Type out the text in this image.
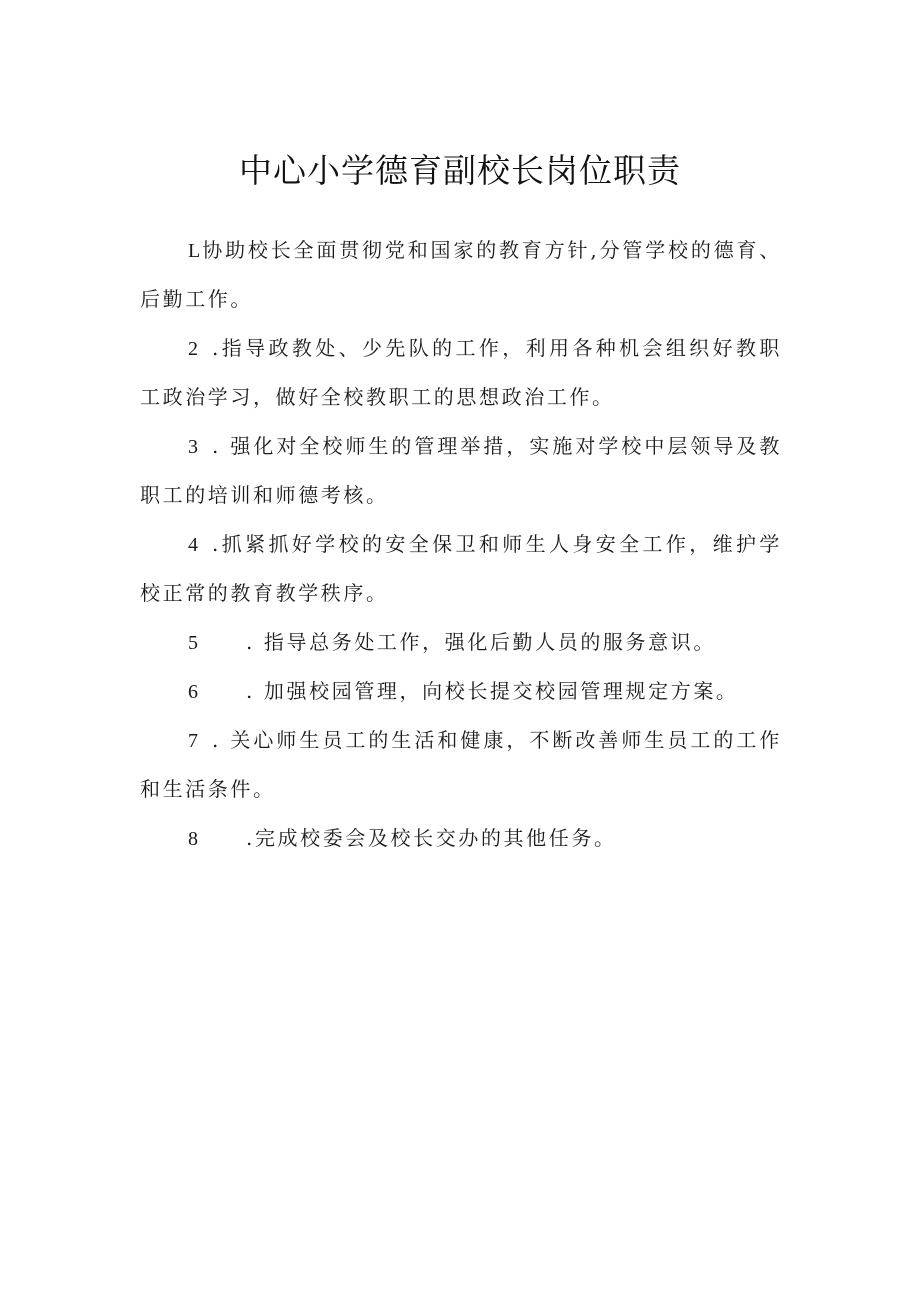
中心小学德育副校长岗位职责
L协助校长全面贯彻党和国家的教育方针,分管学校的德育、
后勤工作。
2 .指导政教处、少先队的工作，利用各种机会组织好教职
工政治学习，做好全校教职工的思想政治工作。
3 . 强化对全校师生的管理举措，实施对学校中层领导及教
职工的培训和师德考核。
4 .抓紧抓好学校的安全保卫和师生人身安全工作，维护学
校正常的教育教学秩序。
5 . 指导总务处工作，强化后勤人员的服务意识。
6 . 加强校园管理，向校长提交校园管理规定方案。
7 . 关心师生员工的生活和健康，不断改善师生员工的工作
和生活条件。
8 .完成校委会及校长交办的其他任务。
